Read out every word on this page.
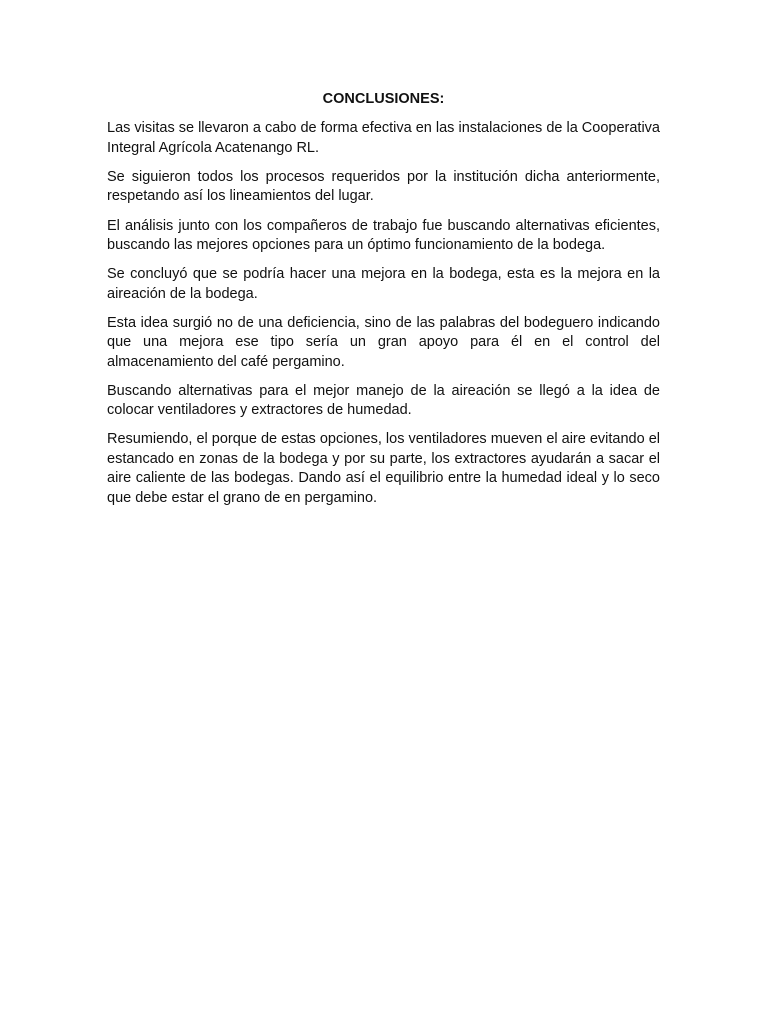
CONCLUSIONES:

Las visitas se llevaron a cabo de forma efectiva en las instalaciones de la Cooperativa Integral Agrícola Acatenango RL.

Se siguieron todos los procesos requeridos por la institución dicha anteriormente, respetando así los lineamientos del lugar.

El análisis junto con los compañeros de trabajo fue buscando alternativas eficientes, buscando las mejores opciones para un óptimo funcionamiento de la bodega.

Se concluyó que se podría hacer una mejora en la bodega, esta es la mejora en la aireación de la bodega.

Esta idea surgió no de una deficiencia, sino de las palabras del bodeguero indicando que una mejora ese tipo sería un gran apoyo para él en el control del almacenamiento del café pergamino.

Buscando alternativas para el mejor manejo de la aireación se llegó a la idea de colocar ventiladores y extractores de humedad.

Resumiendo, el porque de estas opciones, los ventiladores mueven el aire evitando el estancado en zonas de la bodega y por su parte, los extractores ayudarán a sacar el aire caliente de las bodegas. Dando así el equilibrio entre la humedad ideal y lo seco que debe estar el grano de en pergamino.
